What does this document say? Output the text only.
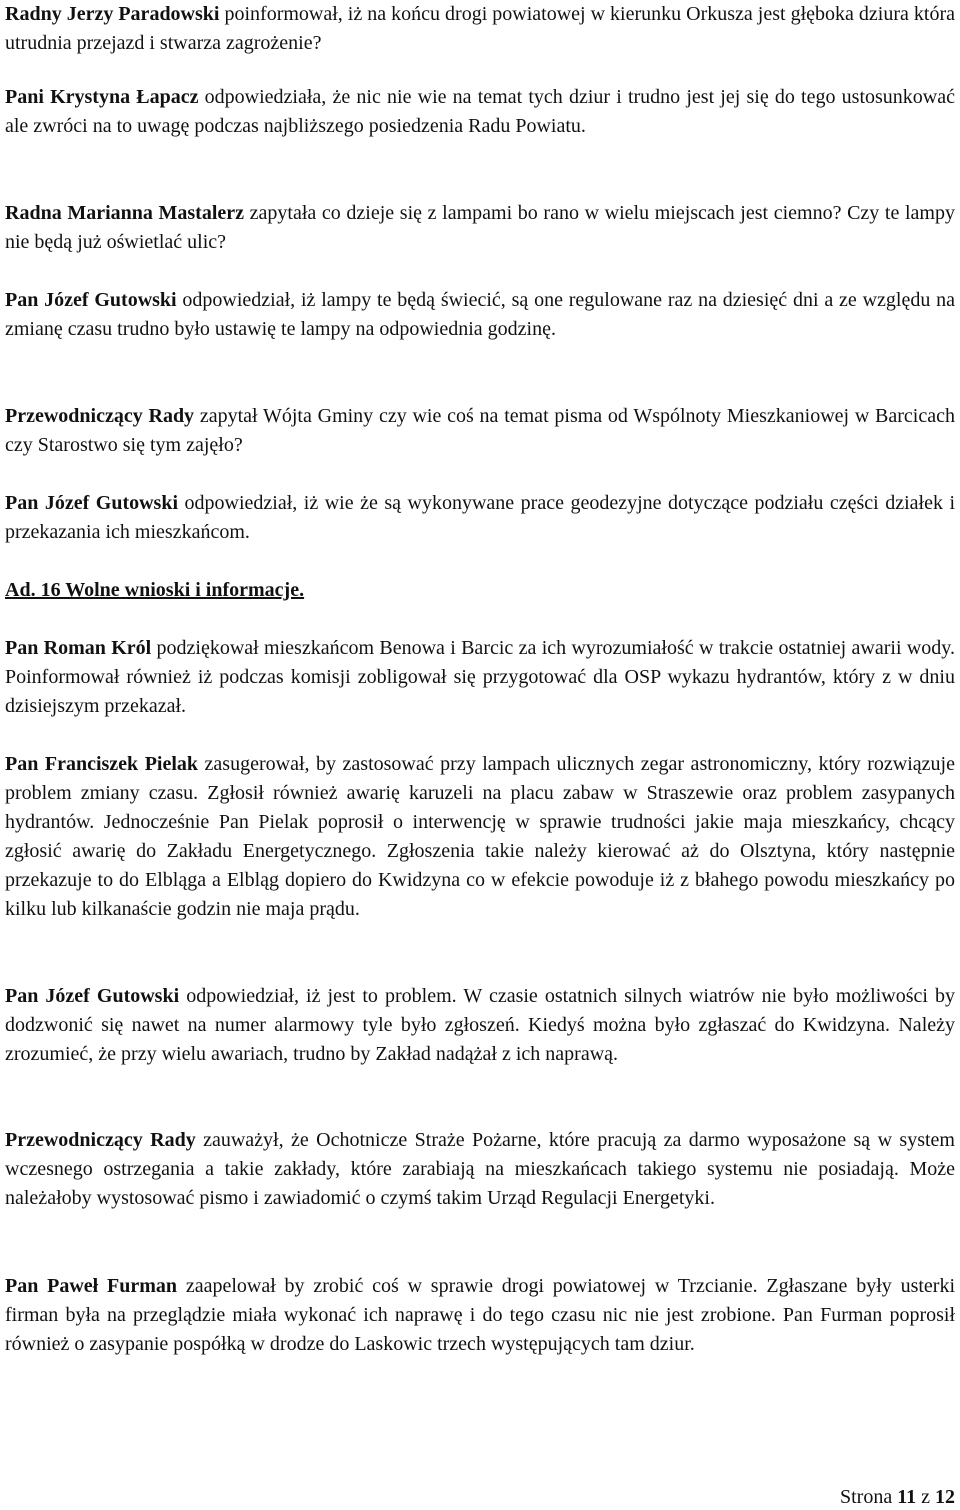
Radny Jerzy Paradowski poinformował, iż na końcu drogi powiatowej w kierunku Orkusza jest głęboka dziura która utrudnia przejazd i stwarza zagrożenie?

Pani Krystyna Łapacz odpowiedziała, że nic nie wie na temat tych dziur i trudno jest jej się do tego ustosunkować ale zwróci na to uwagę podczas najbliższego posiedzenia Radu Powiatu.

Radna Marianna Mastalerz zapytała co dzieje się z lampami bo rano w wielu miejscach jest ciemno? Czy te lampy nie będą już oświetlać ulic?

Pan Józef Gutowski odpowiedział, iż lampy te będą świecić, są one regulowane raz na dziesięć dni a ze względu na zmianę czasu trudno było ustawię te lampy na odpowiednia godzinę.

Przewodniczący Rady zapytał Wójta Gminy czy wie coś na temat pisma od Wspólnoty Mieszkaniowej w Barcicach czy Starostwo się tym zajęło?

Pan Józef Gutowski odpowiedział, iż wie że są wykonywane prace geodezyjne dotyczące podziału części działek i przekazania ich mieszkańcom.

Ad. 16 Wolne wnioski i informacje.

Pan Roman Król podziękował mieszkańcom Benowa i Barcic za ich wyrozumiałość w trakcie ostatniej awarii wody. Poinformował również iż podczas komisji zobligował się przygotować dla OSP wykazu hydrantów, który z w dniu dzisiejszym przekazał.

Pan Franciszek Pielak zasugerował, by zastosować przy lampach ulicznych zegar astronomiczny, który rozwiązuje problem zmiany czasu. Zgłosił również awarię karuzeli na placu zabaw w Straszewie oraz problem zasypanych hydrantów. Jednocześnie Pan Pielak poprosił o interwencję w sprawie trudności jakie maja mieszkańcy, chcący zgłosić awarię do Zakładu Energetycznego. Zgłoszenia takie należy kierować aż do Olsztyna, który następnie przekazuje to do Elbląga a Elbląg dopiero do Kwidzyna co w efekcie powoduje iż z błahego powodu mieszkańcy po kilku lub kilkanaście godzin nie maja prądu.

Pan Józef Gutowski odpowiedział, iż jest to problem. W czasie ostatnich silnych wiatrów nie było możliwości by dodzwonić się nawet na numer alarmowy tyle było zgłoszeń. Kiedyś można było zgłaszać do Kwidzyna. Należy zrozumieć, że przy wielu awariach, trudno by Zakład nadążał z ich naprawą.

Przewodniczący Rady zauważył, że Ochotnicze Straże Pożarne, które pracują za darmo wyposażone są w system wczesnego ostrzegania a takie zakłady, które zarabiają na mieszkańcach takiego systemu nie posiadają. Może należałoby wystosować pismo i zawiadomić o czymś takim Urząd Regulacji Energetyki.

Pan Paweł Furman zaapelował by zrobić coś w sprawie drogi powiatowej w Trzcianie. Zgłaszane były usterki firman była na przeglądzie miała wykonać ich naprawę i do tego czasu nic nie jest zrobione. Pan Furman poprosił również o zasypanie pospółką w drodze do Laskowic trzech występujących tam dziur.

Strona 11 z 12
